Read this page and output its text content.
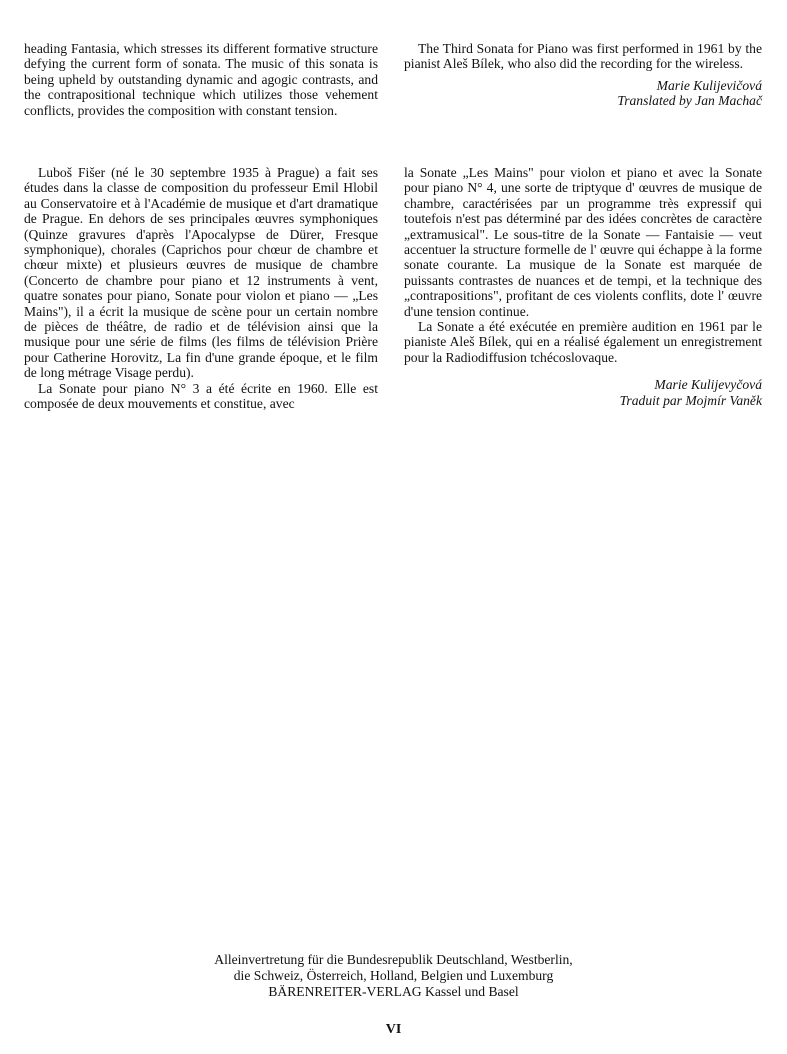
heading Fantasia, which stresses its different formative structure defying the current form of sonata. The music of this sonata is being upheld by outstanding dynamic and agogic contrasts, and the contrapositional technique which utilizes those vehement conflicts, provides the composition with constant tension.

The Third Sonata for Piano was first performed in 1961 by the pianist Aleš Bílek, who also did the recording for the wireless.

Marie Kulijevičová

Translated by Jan Machač

Luboš Fišer (né le 30 septembre 1935 à Prague) a fait ses études dans la classe de composition du professeur Emil Hlobil au Conservatoire et à l'Académie de musique et d'art dramatique de Prague. En dehors de ses principales œuvres symphoniques (Quinze gravures d'après l'Apocalypse de Dürer, Fresque symphonique), chorales (Caprichos pour chœur de chambre et chœur mixte) et plusieurs œuvres de musique de chambre (Concerto de chambre pour piano et 12 instruments à vent, quatre sonates pour piano, Sonate pour violon et piano — „Les Mains"), il a écrit la musique de scène pour un certain nombre de pièces de théâtre, de radio et de télévision ainsi que la musique pour une série de films (les films de télévision Prière pour Catherine Horovitz, La fin d'une grande époque, et le film de long métrage Visage perdu).

La Sonate pour piano N° 3 a été écrite en 1960. Elle est composée de deux mouvements et constitue, avec

la Sonate „Les Mains" pour violon et piano et avec la Sonate pour piano N° 4, une sorte de triptyque d' œuvres de musique de chambre, caractérisées par un programme très expressif qui toutefois n'est pas déterminé par des idées concrètes de caractère „extramusical". Le sous-titre de la Sonate — Fantaisie — veut accentuer la structure formelle de l' œuvre qui échappe à la forme sonate courante. La musique de la Sonate est marquée de puissants contrastes de nuances et de tempi, et la technique des „contrapositions", profitant de ces violents conflits, dote l' œuvre d'une tension continue.

La Sonate a été exécutée en première audition en 1961 par le pianiste Aleš Bílek, qui en a réalisé également un enregistrement pour la Radiodiffusion tchécoslovaque.

Marie Kulijevyčová

Traduit par Mojmír Vaněk

Alleinvertretung für die Bundesrepublik Deutschland, Westberlin,

die Schweiz, Österreich, Holland, Belgien und Luxemburg

BÄRENREITER-VERLAG Kassel und Basel

VI
